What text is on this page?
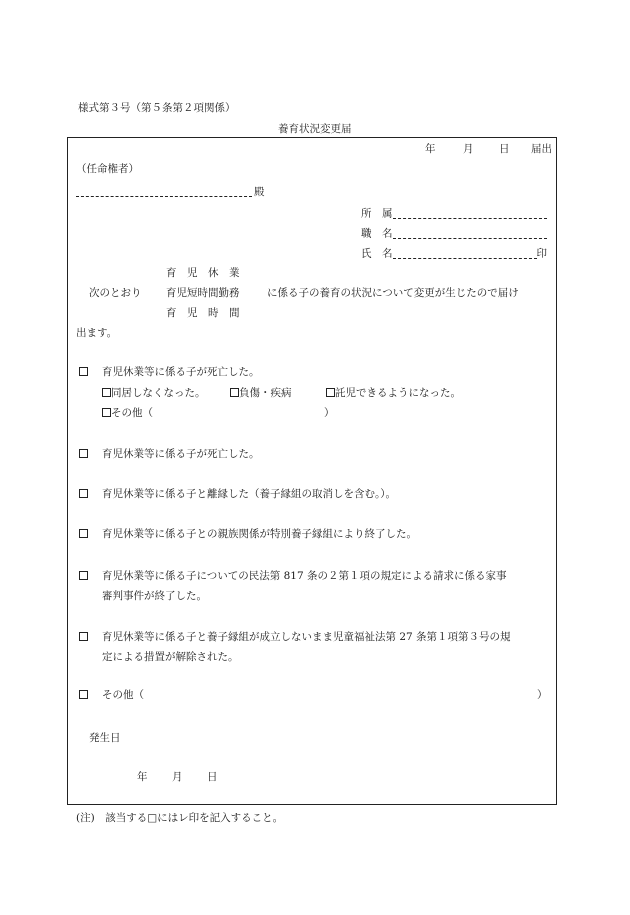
様式第３号（第５条第２項関係）
養育状況変更届
年	月 日 届出
（任命権者）
殿
所　属
職　名
氏　名	印
育　児　休　業
次のとおり 育児短時間勤務	に係る子の養育の状況について変更が生じたので届け
育　児　時　間
出ます。
育児休業等に係る子が死亡した。
同居しなくなった。	負傷・疾病	託児できるようになった。
その他（	）
育児休業等に係る子が死亡した。
育児休業等に係る子と離縁した（養子縁組の取消しを含む。）。
育児休業等に係る子との親族関係が特別養子縁組により終了した。
育児休業等に係る子についての民法第 817 条の２第１項の規定による請求に係る家事
審判事件が終了した。
育児休業等に係る子と養子縁組が成立しないまま児童福祉法第 27 条第１項第３号の規
定による措置が解除された。
その他（	）
発生日
年 月 日
(注)　該当する□にはレ印を記入すること。
